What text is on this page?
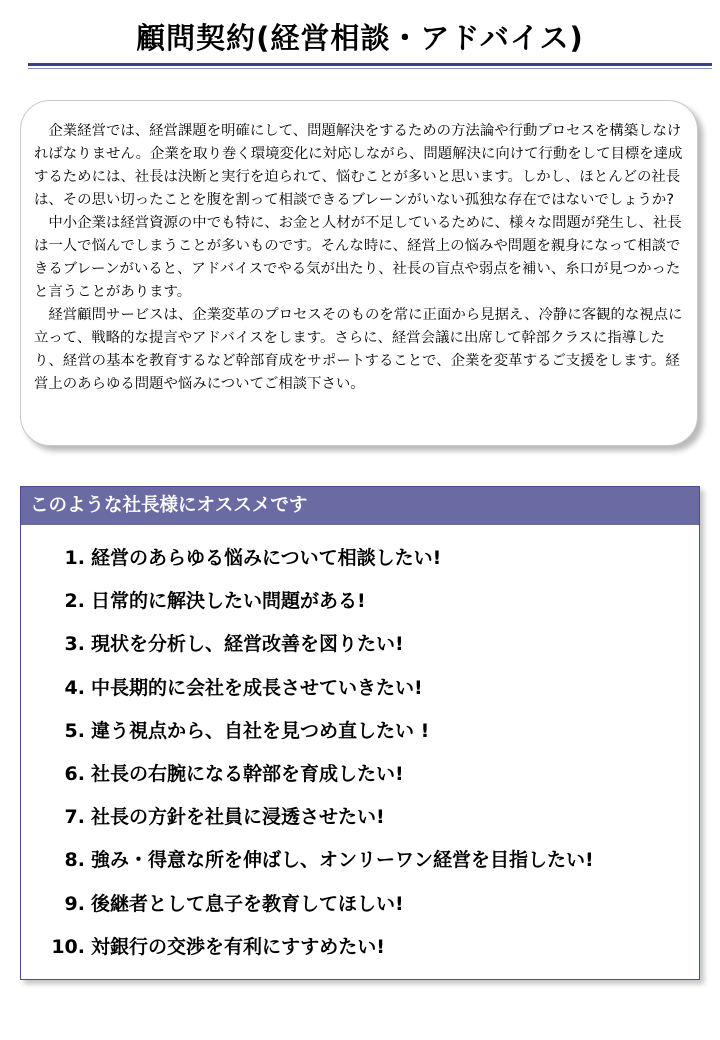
顧問契約(経営相談・アドバイス)

企業経営では、経営課題を明確にして、問題解決をするための方法論や行動プロセスを構築しなければなりません。企業を取り巻く環境変化に対応しながら、問題解決に向けて行動をして目標を達成するためには、社長は決断と実行を迫られて、悩むことが多いと思います。しかし、ほとんどの社長は、その思い切ったことを腹を割って相談できるブレーンがいない孤独な存在ではないでしょうか?

中小企業は経営資源の中でも特に、お金と人材が不足しているために、様々な問題が発生し、社長は一人で悩んでしまうことが多いものです。そんな時に、経営上の悩みや問題を親身になって相談できるブレーンがいると、アドバイスでやる気が出たり、社長の盲点や弱点を補い、糸口が見つかったと言うことがあります。

経営顧問サービスは、企業変革のプロセスそのものを常に正面から見据え、冷静に客観的な視点に立って、戦略的な提言やアドバイスをします。さらに、経営会議に出席して幹部クラスに指導したり、経営の基本を教育するなど幹部育成をサポートすることで、企業を変革するご支援をします。経営上のあらゆる問題や悩みについてご相談下さい。

このような社長様にオススメです
1. 経営のあらゆる悩みについて相談したい!
2. 日常的に解決したい問題がある!
3. 現状を分析し、経営改善を図りたい!
4. 中長期的に会社を成長させていきたい!
5. 違う視点から、自社を見つめ直したい !
6. 社長の右腕になる幹部を育成したい!
7. 社長の方針を社員に浸透させたい!
8. 強み・得意な所を伸ばし、オンリーワン経営を目指したい!
9. 後継者として息子を教育してほしい!
10. 対銀行の交渉を有利にすすめたい!
